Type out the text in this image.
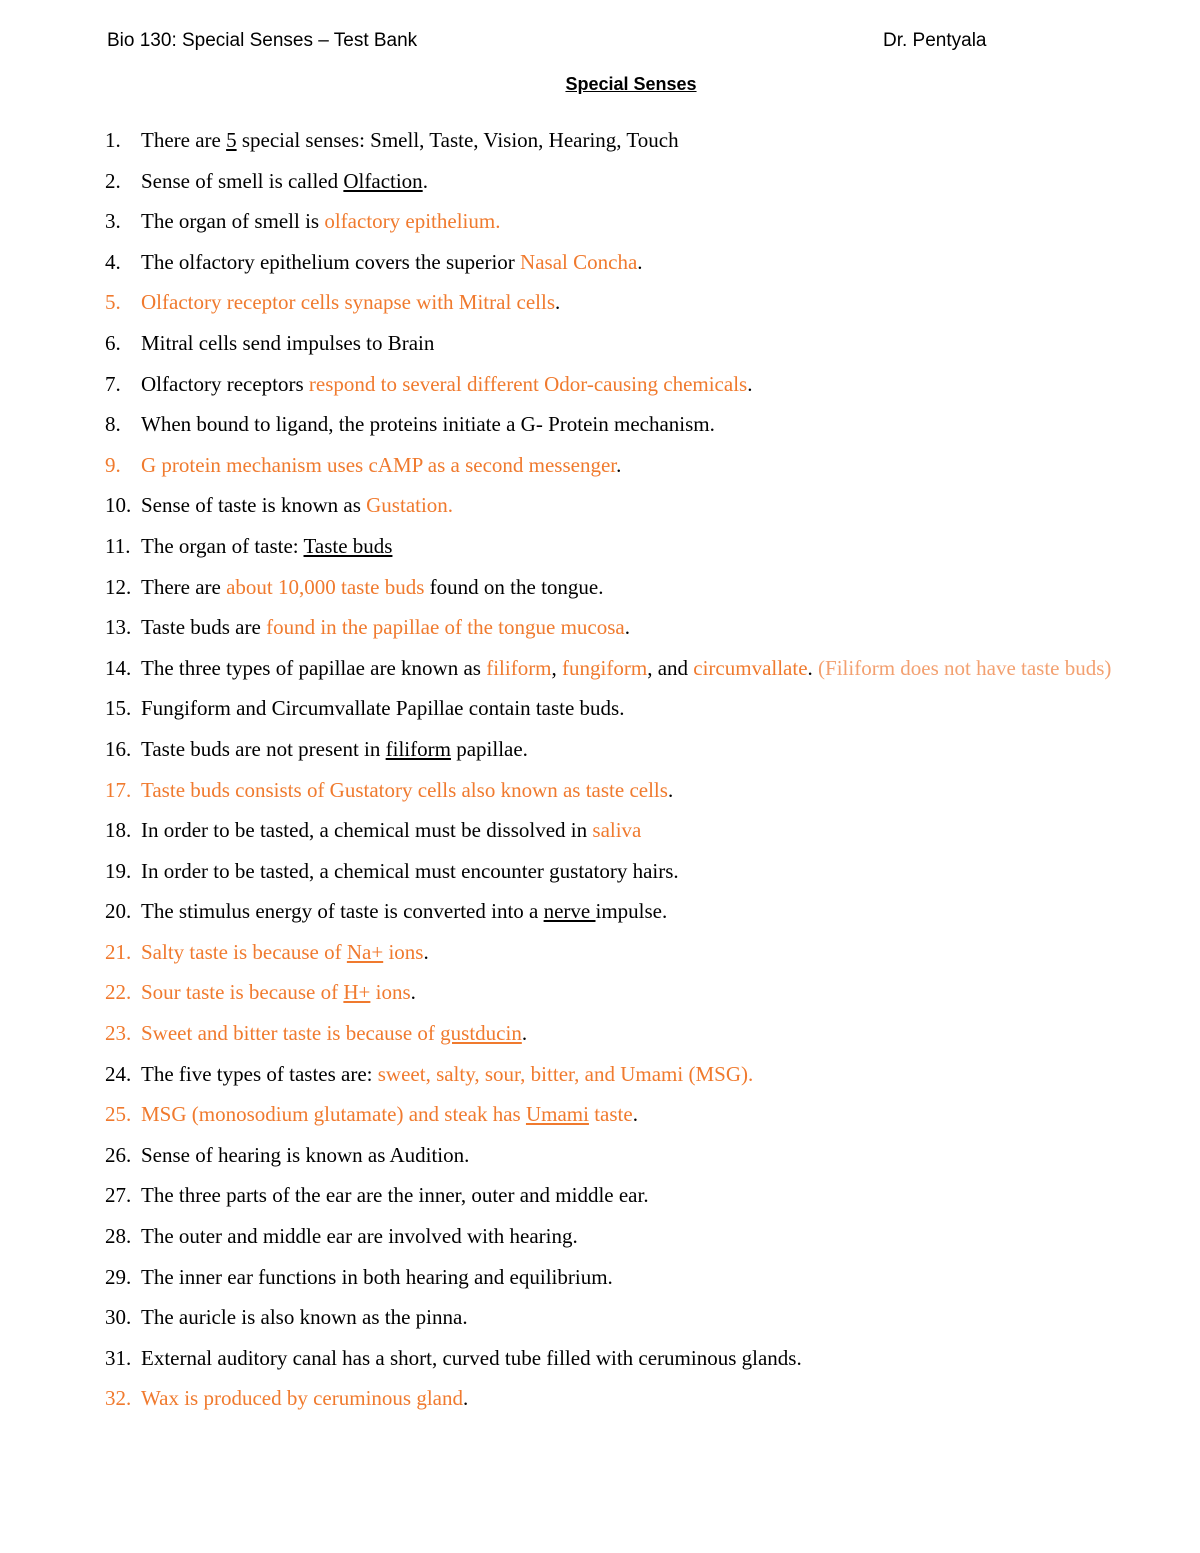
Bio 130: Special Senses – Test Bank	Dr. Pentyala
Special Senses
1. There are 5 special senses: Smell, Taste, Vision, Hearing, Touch
2. Sense of smell is called Olfaction.
3. The organ of smell is olfactory epithelium.
4. The olfactory epithelium covers the superior Nasal Concha.
5. Olfactory receptor cells synapse with Mitral cells.
6. Mitral cells send impulses to Brain
7. Olfactory receptors respond to several different Odor-causing chemicals.
8. When bound to ligand, the proteins initiate a G- Protein mechanism.
9. G protein mechanism uses cAMP as a second messenger.
10. Sense of taste is known as Gustation.
11. The organ of taste: Taste buds
12. There are about 10,000 taste buds found on the tongue.
13. Taste buds are found in the papillae of the tongue mucosa.
14. The three types of papillae are known as filiform, fungiform, and circumvallate. (Filiform does not have taste buds)
15. Fungiform and Circumvallate Papillae contain taste buds.
16. Taste buds are not present in filiform papillae.
17. Taste buds consists of Gustatory cells also known as taste cells.
18. In order to be tasted, a chemical must be dissolved in saliva
19. In order to be tasted, a chemical must encounter gustatory hairs.
20. The stimulus energy of taste is converted into a nerve impulse.
21. Salty taste is because of Na+ ions.
22. Sour taste is because of H+ ions.
23. Sweet and bitter taste is because of gustducin.
24. The five types of tastes are: sweet, salty, sour, bitter, and Umami (MSG).
25. MSG (monosodium glutamate) and steak has Umami taste.
26. Sense of hearing is known as Audition.
27. The three parts of the ear are the inner, outer and middle ear.
28. The outer and middle ear are involved with hearing.
29. The inner ear functions in both hearing and equilibrium.
30. The auricle is also known as the pinna.
31. External auditory canal has a short, curved tube filled with ceruminous glands.
32. Wax is produced by ceruminous gland.
